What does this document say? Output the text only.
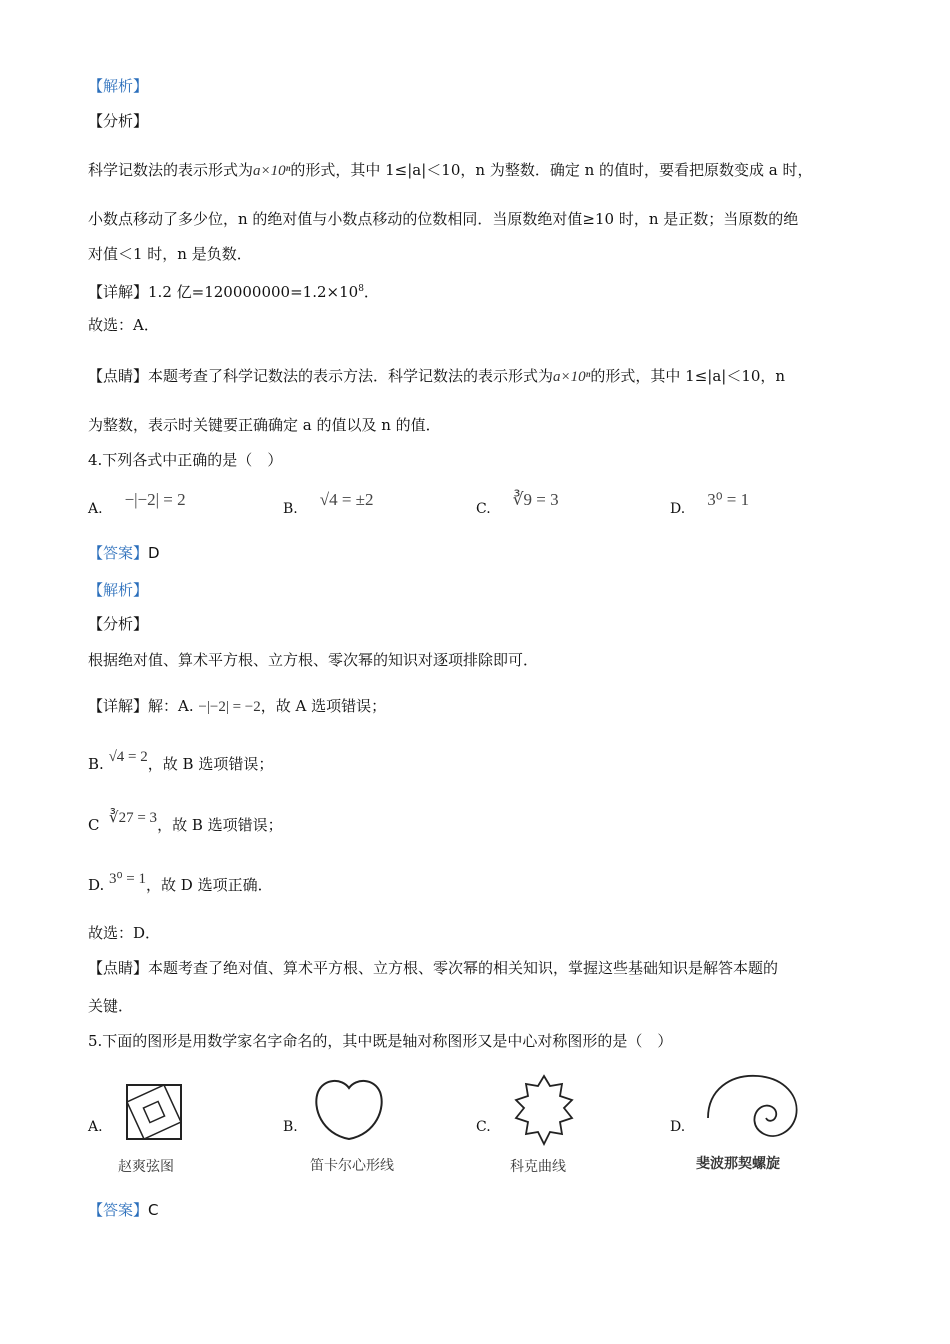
【解析】
【分析】
科学记数法的表示形式为a×10ⁿ的形式，其中 1≤|a|＜10，n 为整数．确定 n 的值时，要看把原数变成 a 时，
小数点移动了多少位，n 的绝对值与小数点移动的位数相同．当原数绝对值≥10 时，n 是正数；当原数的绝
对值＜1 时，n 是负数．
【详解】1.2 亿$=120000000=1.2\times 10^8$．
故选：A．
【点睛】本题考查了科学记数法的表示方法．科学记数法的表示形式为a×10ⁿ的形式，其中 1≤|a|＜10，n
为整数，表示时关键要正确确定 a 的值以及 n 的值．
4.下列各式中正确的是（　）
A. −|−2| = 2	B. √4 = ±2	C. ∛9 = 3	D. 3⁰ = 1
【答案】D
【解析】
【分析】
根据绝对值、算术平方根、立方根、零次幂的知识对逐项排除即可．
【详解】解：A. −|−2| = −2，故 A 选项错误；
B. √4 = 2，故 B 选项错误；
C ∛27 = 3，故 B 选项错误；
D. 3⁰ = 1，故 D 选项正确．
故选：D．
【点睛】本题考查了绝对值、算术平方根、立方根、零次幂的相关知识，掌握这些基础知识是解答本题的
关键．
5.下面的图形是用数学家名字命名的，其中既是轴对称图形又是中心对称图形的是（　）
A.
赵爽弦图
B.
笛卡尔心形线
C.
科克曲线
D.
斐波那契螺旋
【答案】C
